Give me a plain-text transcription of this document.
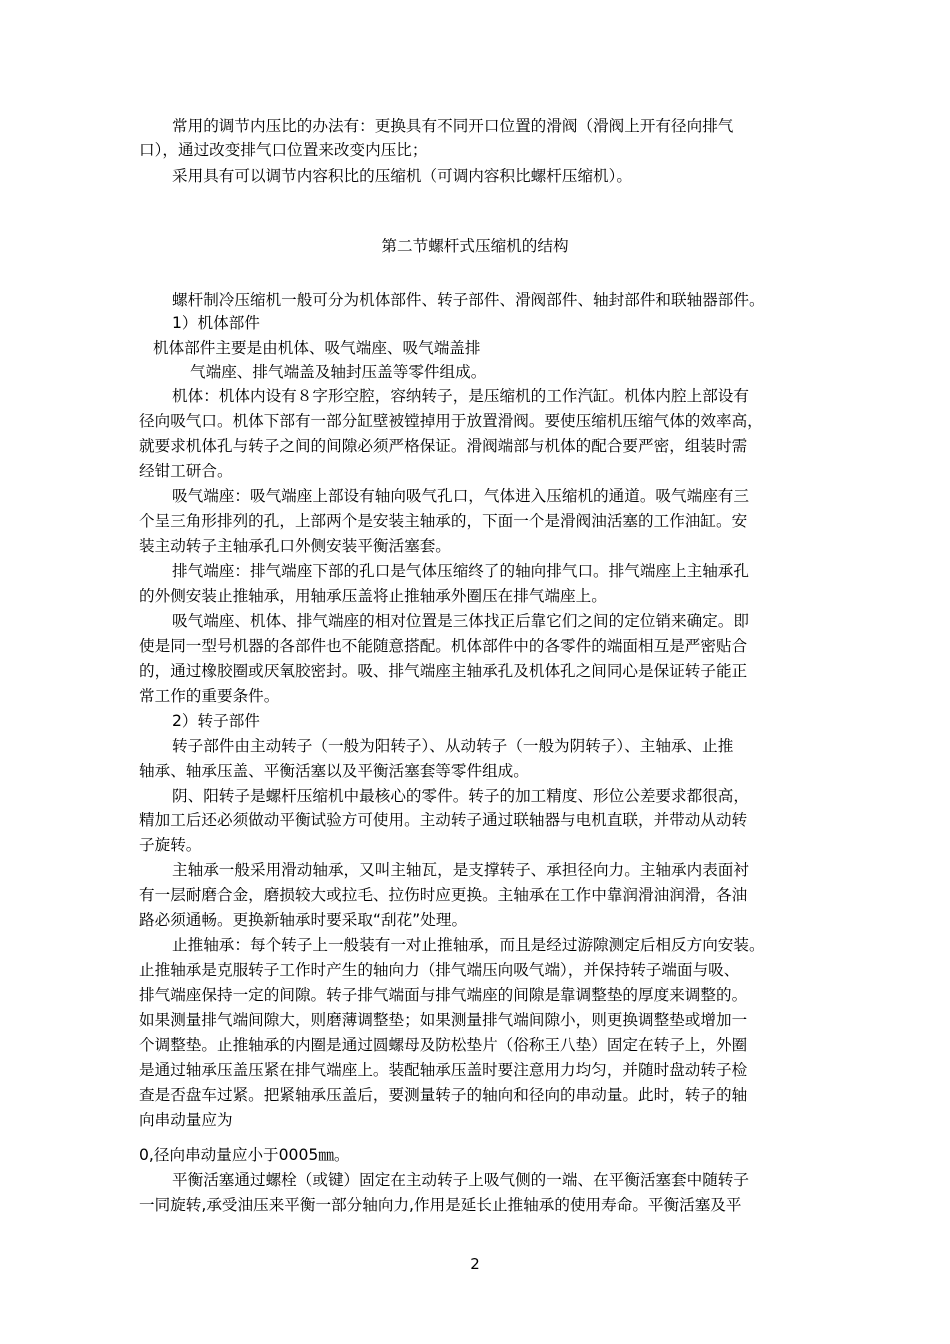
常用的调节内压比的办法有：更换具有不同开口位置的滑阀（滑阀上开有径向排气

口），通过改变排气口位置来改变内压比；

采用具有可以调节内容积比的压缩机（可调内容积比螺杆压缩机）。

第二节螺杆式压缩机的结构

螺杆制冷压缩机一般可分为机体部件、转子部件、滑阀部件、轴封部件和联轴器部件。

1）机体部件

机体部件主要是由机体、吸气端座、吸气端盖排

气端座、排气端盖及轴封压盖等零件组成。

机体：机体内设有８字形空腔，容纳转子，是压缩机的工作汽缸。机体内腔上部设有

径向吸气口。机体下部有一部分缸壁被镗掉用于放置滑阀。要使压缩机压缩气体的效率高，

就要求机体孔与转子之间的间隙必须严格保证。滑阀端部与机体的配合要严密，组装时需

经钳工研合。

吸气端座：吸气端座上部设有轴向吸气孔口，气体进入压缩机的通道。吸气端座有三

个呈三角形排列的孔，上部两个是安装主轴承的，下面一个是滑阀油活塞的工作油缸。安

装主动转子主轴承孔口外侧安装平衡活塞套。

排气端座：排气端座下部的孔口是气体压缩终了的轴向排气口。排气端座上主轴承孔

的外侧安装止推轴承，用轴承压盖将止推轴承外圈压在排气端座上。

吸气端座、机体、排气端座的相对位置是三体找正后靠它们之间的定位销来确定。即

使是同一型号机器的各部件也不能随意搭配。机体部件中的各零件的端面相互是严密贴合

的，通过橡胶圈或厌氧胶密封。吸、排气端座主轴承孔及机体孔之间同心是保证转子能正

常工作的重要条件。

2）转子部件

转子部件由主动转子（一般为阳转子）、从动转子（一般为阴转子）、主轴承、止推

轴承、轴承压盖、平衡活塞以及平衡活塞套等零件组成。

阴、阳转子是螺杆压缩机中最核心的零件。转子的加工精度、形位公差要求都很高，

精加工后还必须做动平衡试验方可使用。主动转子通过联轴器与电机直联，并带动从动转

子旋转。

主轴承一般采用滑动轴承，又叫主轴瓦，是支撑转子、承担径向力。主轴承内表面衬

有一层耐磨合金，磨损较大或拉毛、拉伤时应更换。主轴承在工作中靠润滑油润滑，各油

路必须通畅。更换新轴承时要采取“刮花”处理。

止推轴承：每个转子上一般装有一对止推轴承，而且是经过游隙测定后相反方向安装。

止推轴承是克服转子工作时产生的轴向力（排气端压向吸气端），并保持转子端面与吸、

排气端座保持一定的间隙。转子排气端面与排气端座的间隙是靠调整垫的厚度来调整的。

如果测量排气端间隙大，则磨薄调整垫；如果测量排气端间隙小，则更换调整垫或增加一

个调整垫。止推轴承的内圈是通过圆螺母及防松垫片（俗称王八垫）固定在转子上，外圈

是通过轴承压盖压紧在排气端座上。装配轴承压盖时要注意用力均匀，并随时盘动转子检

查是否盘车过紧。把紧轴承压盖后，要测量转子的轴向和径向的串动量。此时，转子的轴

向串动量应为

0,径向串动量应小于0005㎜。

平衡活塞通过螺栓（或键）固定在主动转子上吸气侧的一端、在平衡活塞套中随转子

一同旋转,承受油压来平衡一部分轴向力,作用是延长止推轴承的使用寿命。平衡活塞及平

2
